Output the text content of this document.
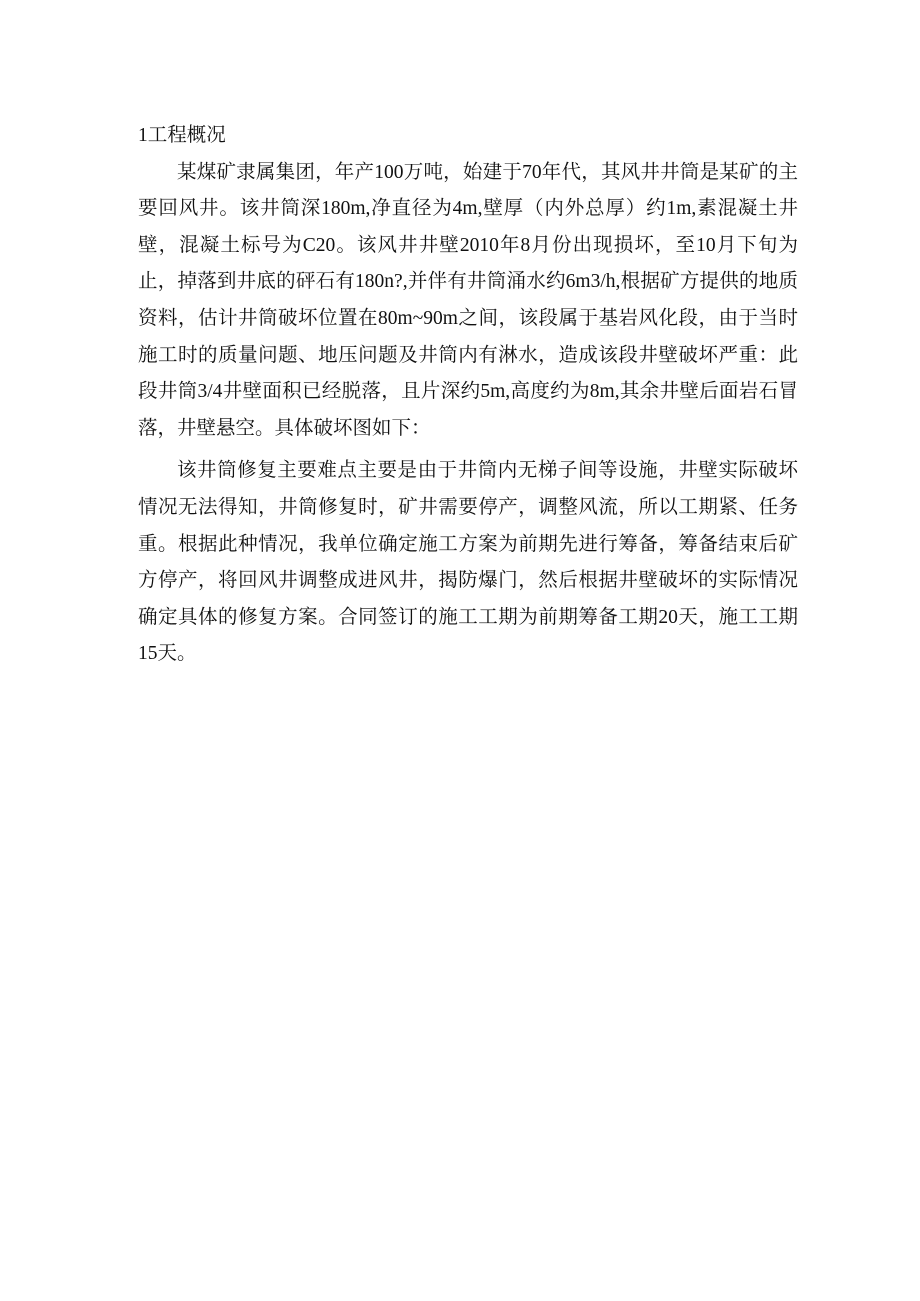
1工程概况

某煤矿隶属集团，年产100万吨，始建于70年代，其风井井筒是某矿的主要回风井。该井筒深180m,净直径为4m,壁厚（内外总厚）约1m,素混凝土井壁，混凝土标号为C20。该风井井壁2010年8月份出现损坏，至10月下旬为止，掉落到井底的砰石有180n?,并伴有井筒涌水约6m3/h,根据矿方提供的地质资料，估计井筒破坏位置在80m~90m之间，该段属于基岩风化段，由于当时施工时的质量问题、地压问题及井筒内有淋水，造成该段井壁破坏严重：此段井筒3/4井壁面积已经脱落，且片深约5m,高度约为8m,其余井壁后面岩石冒落，井壁悬空。具体破坏图如下：

该井筒修复主要难点主要是由于井筒内无梯子间等设施，井壁实际破坏情况无法得知，井筒修复时，矿井需要停产，调整风流，所以工期紧、任务重。根据此种情况，我单位确定施工方案为前期先进行筹备，筹备结束后矿方停产，将回风井调整成进风井，揭防爆门，然后根据井壁破坏的实际情况确定具体的修复方案。合同签订的施工工期为前期筹备工期20天，施工工期15天。
